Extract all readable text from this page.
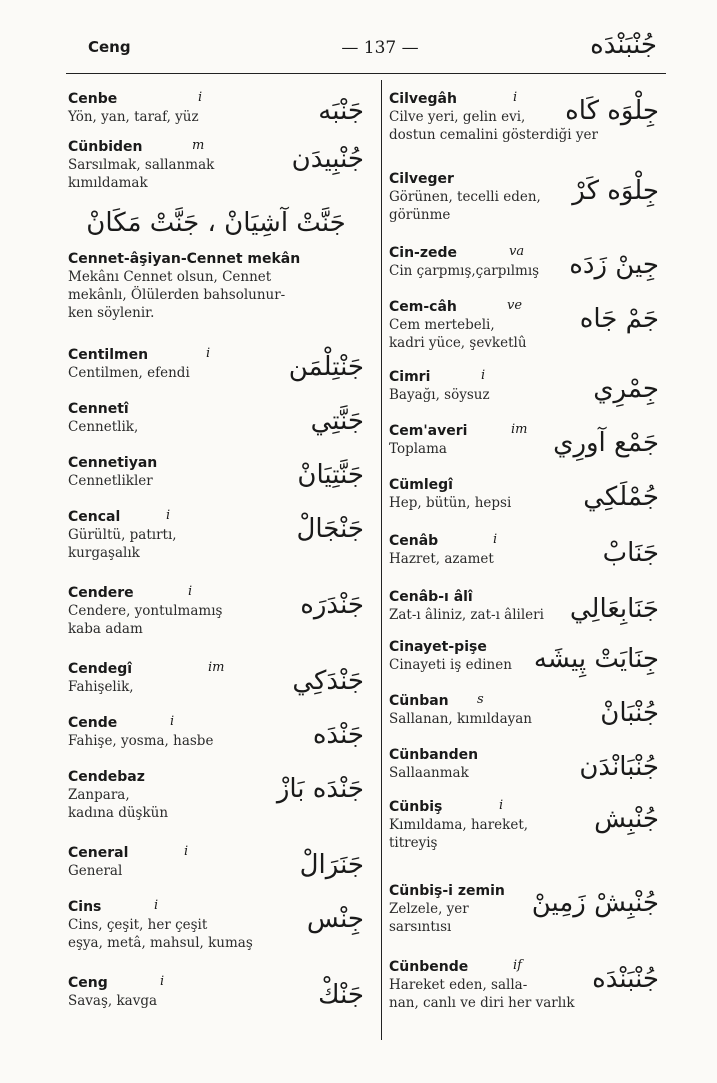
Ceng	— 137 —	جُنْبَنْدَه
Cenbe	i	جَنْبَه
Yön, yan, taraf, yüz
Cünbiden	m	جُنْبِيدَن
Sarsılmak, sallanmak
kımıldamak
جَنَّتْ آشِيَانْ ، جَنَّتْ مَكَانْ
Cennet-âşiyan-Cennet mekân
Mekânı Cennet olsun, Cennet
mekânlı, Ölülerden bahsolunur-
ken söylenir.
Centilmen	i	جَنْتِلْمَن
Centilmen, efendi
Cennetî	جَنَّتِي
Cennetlik,
Cennetiyan	جَنَّتِيَانْ
Cennetlikler
Cencal	i	جَنْجَالْ
Gürültü, patırtı,
kurgaşalık
Cendere	i	جَنْدَرَه
Cendere, yontulmamış
kaba adam
Cendegî	im	جَنْدَكِي
Fahişelik,
Cende	i	جَنْدَه
Fahişe, yosma, hasbe
Cendebaz	جَنْدَه بَازْ
Zanpara,
kadına düşkün
Ceneral	i	جَنَرَالْ
General
Cins	i	جِنْس
Cins, çeşit, her çeşit
eşya, metâ, mahsul, kumaş
Ceng	i	جَنْكْ
Savaş, kavga
Cilvegâh	i جِلْوَه كَاه
Cilve yeri, gelin evi,
dostun cemalini gösterdiği yer
Cilveger	جِلْوَه كَرْ
Görünen, tecelli eden,
görünme
Cin-zede	va جِينْ زَدَه
Cin çarpmış,çarpılmış
Cem-câh	ve جَمْ جَاه
Cem mertebeli,
kadri yüce, şevketlû
Cimri	i	جِمْرِي
Bayağı, söysuz
Cem'averi	im جَمْع آورِي
Toplama
Cümlegî	جُمْلَكِي
Hep, bütün, hepsi
Cenâb	i	جَنَابْ
Hazret, azamet
Cenâb-ı âlî	جَنَابِعَالِي
Zat-ı âliniz, zat-ı âlileri
Cinayet-pişe	جِنَايَتْ پِيشَه
Cinayeti iş edinen
Cünban	s	جُنْبَانْ
Sallanan, kımıldayan
Cünbanden	جُنْبَانْدَن
Sallaanmak
Cünbiş	i	جُنْبِش
Kımıldama, hareket,
titreyiş
Cünbiş-i zemin	جُنْبِشْ زَمِينْ
Zelzele, yer
sarsıntısı
Cünbende	if	جُنْبَنْدَه
Hareket eden, salla-
nan, canlı ve diri her varlık
